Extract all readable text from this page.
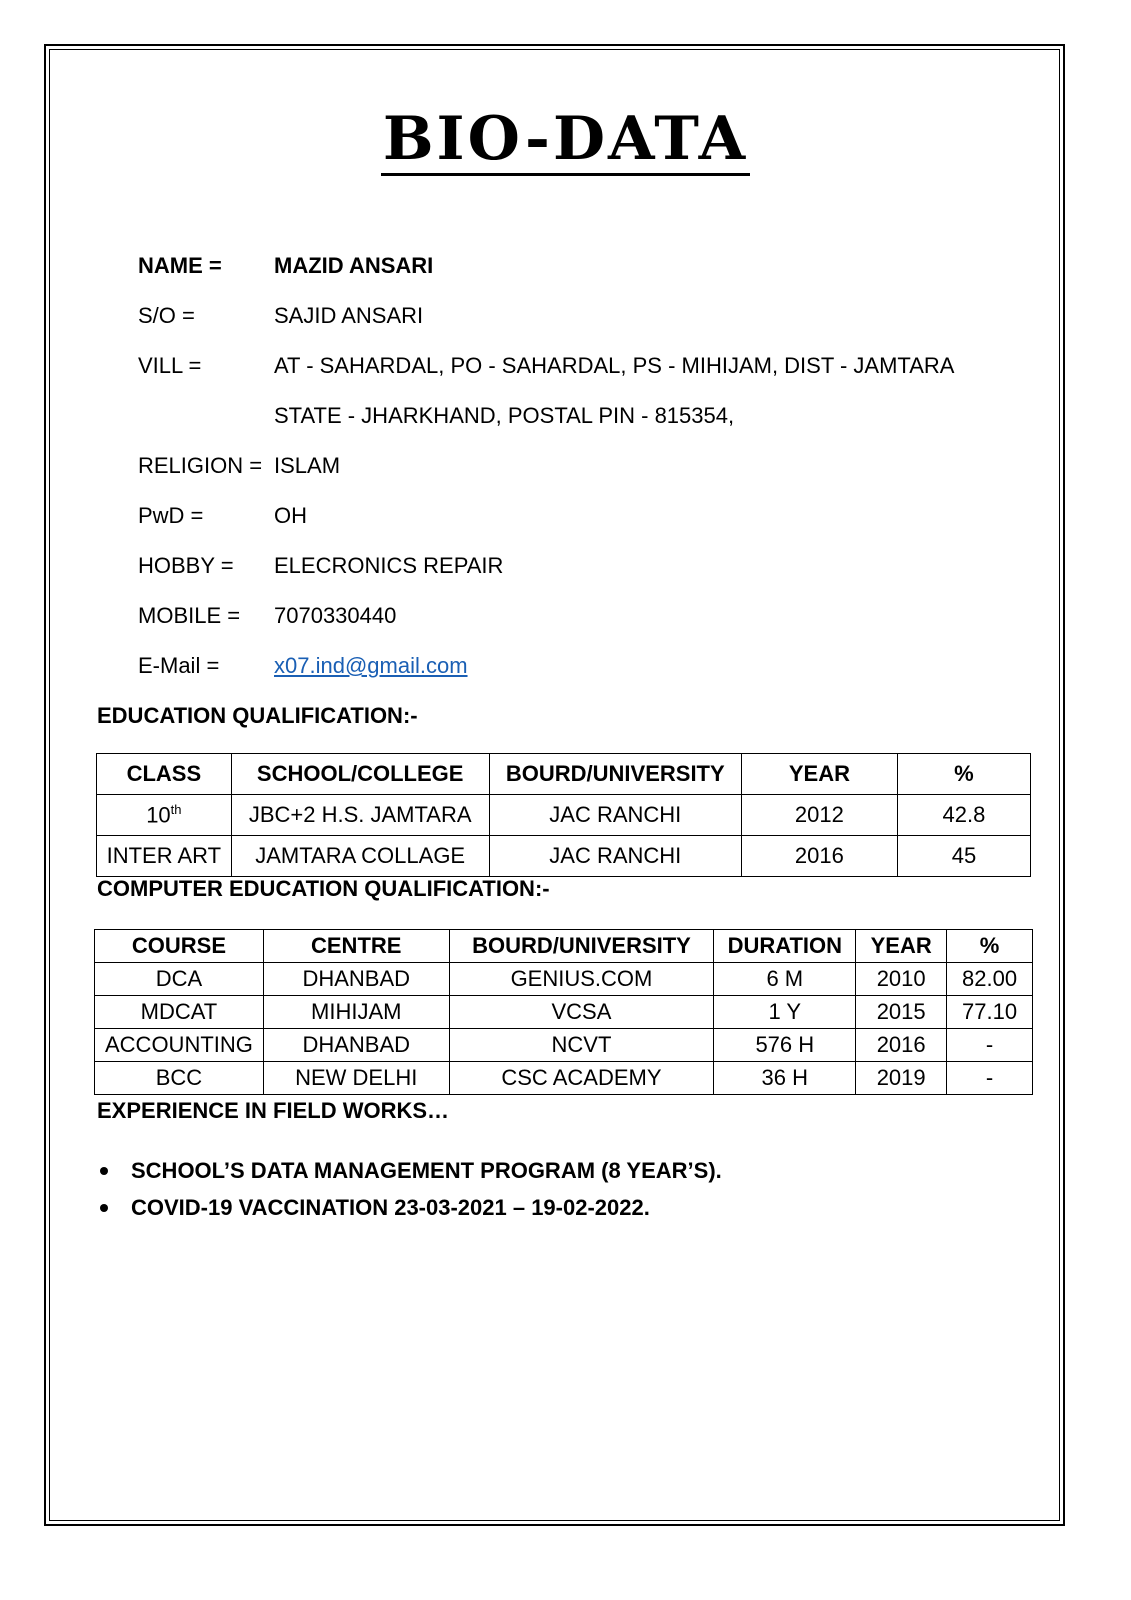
BIO-DATA
NAME = MAZID ANSARI
S/O =	SAJID ANSARI
VILL =	AT - SAHARDAL, PO - SAHARDAL, PS - MIHIJAM, DIST - JAMTARA
STATE - JHARKHAND, POSTAL PIN - 815354,
RELIGION = ISLAM
PwD =	OH
HOBBY = ELECRONICS REPAIR
MOBILE = 7070330440
E-Mail = x07.ind@gmail.com
EDUCATION QUALIFICATION:-
CLASS	SCHOOL/COLLEGE	BOURD/UNIVERSITY	YEAR	%
10th	JBC+2 H.S. JAMTARA	JAC RANCHI	2012	42.8
INTER ART	JAMTARA COLLAGE	JAC RANCHI	2016	45
COMPUTER EDUCATION QUALIFICATION:-
COURSE	CENTRE	BOURD/UNIVERSITY	DURATION	YEAR	%
DCA	DHANBAD	GENIUS.COM	6 M	2010	82.00
MDCAT	MIHIJAM	VCSA	1 Y	2015	77.10
ACCOUNTING	DHANBAD	NCVT	576 H	2016	-
BCC	NEW DELHI	CSC ACADEMY	36 H	2019	-
EXPERIENCE IN FIELD WORKS…
SCHOOL’S DATA MANAGEMENT PROGRAM (8 YEAR’S).
COVID-19 VACCINATION 23-03-2021 – 19-02-2022.
